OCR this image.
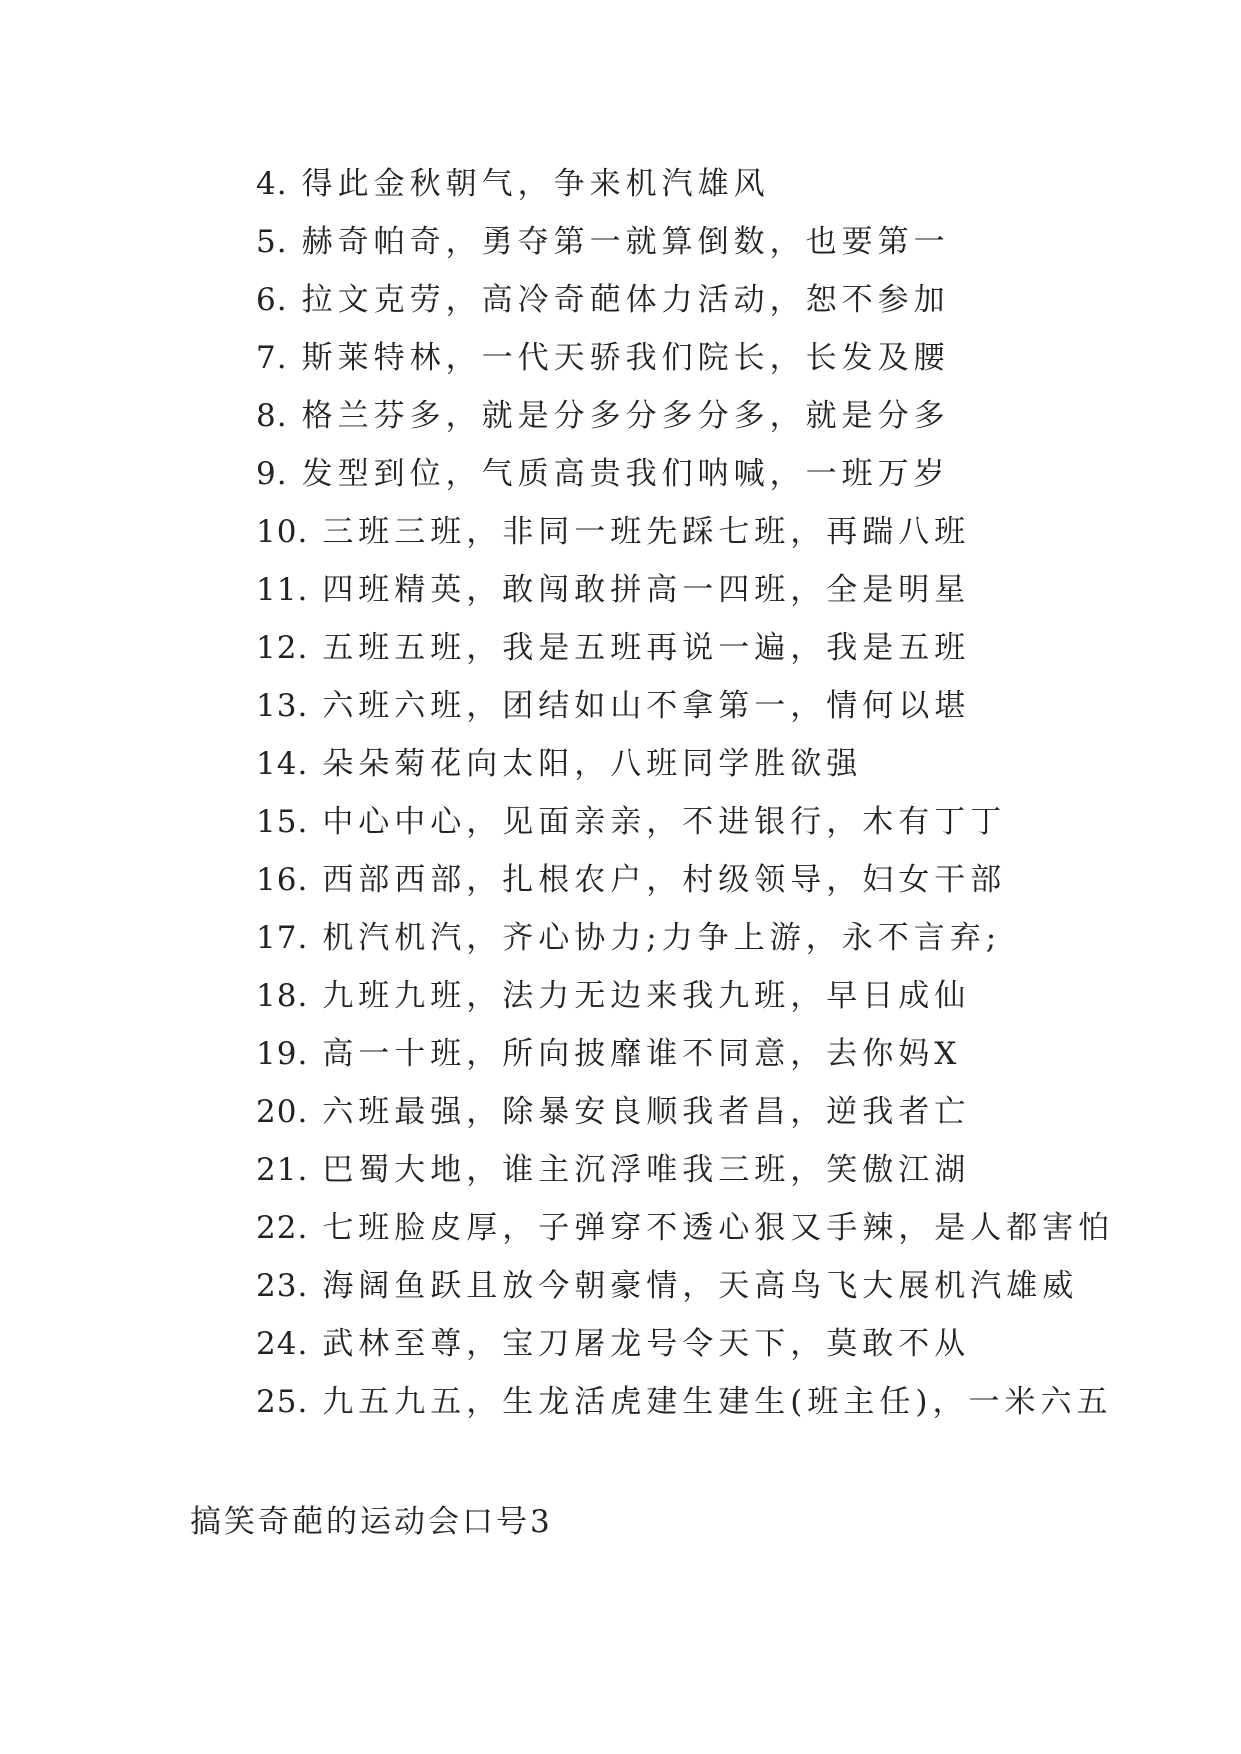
4. 得此金秋朝气，争来机汽雄风
5. 赫奇帕奇，勇夺第一就算倒数，也要第一
6. 拉文克劳，高冷奇葩体力活动，恕不参加
7. 斯莱特林，一代天骄我们院长，长发及腰
8. 格兰芬多，就是分多分多分多，就是分多
9. 发型到位，气质高贵我们呐喊，一班万岁
10. 三班三班，非同一班先踩七班，再踹八班
11. 四班精英，敢闯敢拼高一四班，全是明星
12. 五班五班，我是五班再说一遍，我是五班
13. 六班六班，团结如山不拿第一，情何以堪
14. 朵朵菊花向太阳，八班同学胜欲强
15. 中心中心，见面亲亲，不进银行，木有丁丁
16. 西部西部，扎根农户，村级领导，妇女干部
17. 机汽机汽，齐心协力;力争上游，永不言弃;
18. 九班九班，法力无边来我九班，早日成仙
19. 高一十班，所向披靡谁不同意，去你妈X
20. 六班最强，除暴安良顺我者昌，逆我者亡
21. 巴蜀大地，谁主沉浮唯我三班，笑傲江湖
22. 七班脸皮厚，子弹穿不透心狠又手辣，是人都害怕
23. 海阔鱼跃且放今朝豪情，天高鸟飞大展机汽雄威
24. 武林至尊，宝刀屠龙号令天下，莫敢不从
25. 九五九五，生龙活虎建生建生(班主任)，一米六五
搞笑奇葩的运动会口号3
